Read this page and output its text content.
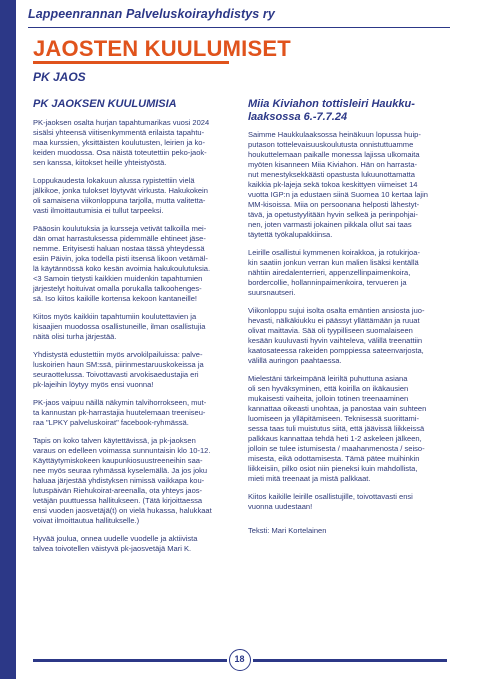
Lappeenrannan Palveluskoirayhdistys ry
JAOSTEN KUULUMISET
PK JAOS
PK JAOKSEN KUULUMISIA

PK-jaoksen osalta hurjan tapahtumarikas vuosi 2024
sisälsi yhteensä viitisenkymmentä erilaista tapahtu-
maa kurssien, yksittäisten koulutusten, leirien ja ko-
keiden muodossa. Osa näistä toteutettiin peko-jaok-
sen kanssa, kiitokset heille yhteistyöstä.

Loppukaudesta lokakuun alussa rypistettiin vielä
jälkikoe, jonka tulokset löytyvät virkusta. Hakukokein
oli samaisena viikonloppuna tarjolla, mutta valitetta-
vasti ilmoittautumisia ei tullut tarpeeksi.

Pääosin koulutuksia ja kursseja vetivät talkoilla mei-
dän omat harrastuksessa pidemmälle ehtineet jäse-
nemme. Erityisesti haluan nostaa tässä yhteydessä
esiin Päivin, joka todella pisti itsensä likoon vetämäl-
lä käytännössä koko kesän avoimia hakukoulutuksia.
<3 Samoin tietysti kaikkien muidenkin tapahtumien
järjestelyt hoituivat omalla porukalla talkoohenges-
sä. Iso kiitos kaikille kortensa kekoon kantaneille!

Kiitos myös kaikkiin tapahtumiin koulutettavien ja
kisaajien muodossa osallistuneille, ilman osallistujia
näitä olisi turha järjestää.

Yhdistystä edustettiin myös arvokilpailuissa: palve-
luskoirien haun SM:ssä, piirinmestaruuskokeissa ja
seuraottelussa. Toivottavasti arvokisaedustajia eri
pk-lajeihin löytyy myös ensi vuonna!

PK-jaos vaipuu näillä näkymin talvihorrokseen, mut-
ta kannustan pk-harrastajia huutelemaan treeniseu-
raa "LPKY palveluskoirat" facebook-ryhmässä.

Tapis on koko talven käytettävissä, ja pk-jaoksen
varaus on edelleen voimassa sunnuntaisin klo 10-12.
Käyttäytymiskokeen kaupunkiosuustreeneihin saa-
nee myös seuraa ryhmässä kyselemällä. Ja jos joku
haluaa järjestää yhdistyksen nimissä vaikkapa kou-
lutuspäivän Riehukoirat-areenalla, ota yhteys jaos-
vetäjän puuttuessa hallitukseen. (Tätä kirjoittaessa
ensi vuoden jaosvetäjä(t) on vielä hukassa, halukkaat
voivat ilmoittautua hallitukselle.)

Hyvää joulua, onnea uudelle vuodelle ja aktiivista
talvea toivotellen väistyvä pk-jaosvetäjä Mari K.

Miia Kiviahon tottisleiri Haukku-
laaksossa 6.-7.7.24

Saimme Haukkulaaksossa heinäkuun lopussa huip-
putason tottelevaisuuskoulutusta onnistuttuamme
houkuttelemaan paikalle monessa lajissa ulkomaita
myöten kisanneen Miia Kiviahon. Hän on harrasta-
nut menestyksekkäästi opastusta lukuunottamatta
kaikkia pk-lajeja sekä tokoa keskittyen viimeiset 14
vuotta IGP:n ja edustaen siinä Suomea 10 kertaa lajin
MM-kisoissa. Miia on persoonana helposti lähestyt-
tävä, ja opetustyylitään hyvin selkeä ja perinpohjai-
nen, joten varmasti jokainen pikkala ollut sai taas
täytettä työkalupakkiinsa.

Leirille osallistui kymmenen koirakkoa, ja rotukirjoa-
kin saatiin jonkun verran kun malien lisäksi kentällä
nähtiin airedalenterrieri, appenzellinpaimenkoira,
bordercollie, hollanninpaimenkoira, tervueren ja
suursnautseri.

Viikonloppu sujui isolta osalta emäntien ansiosta juo-
hevasti, nälkäkiukku ei päässyt yllättämään ja ruuat
olivat maittavia. Sää oli tyypilliseen suomalaiseen
kesään kuuluvasti hyvin vaihteleva, välillä treenattiin
kaatosateessa rakeiden pomppiessa sateenvarjosta,
välillä auringon paahtaessa.

Mielestäni tärkeimpänä leiriltä puhuttuna asiana
oli sen hyväksyminen, että koirilla on ikäkausien
mukaisesti vaiheita, jolloin totinen treenaaminen
kannattaa oikeasti unohtaa, ja panostaa vain suhteen
luomiseen ja ylläpitämiseen. Teknisessä suorittami-
sessa taas tuli muistutus siitä, että jäävissä liikkeissä
palkkaus kannattaa tehdä heti 1-2 askeleen jälkeen,
jolloin se tulee istumisesta / maahanmenosta / seiso-
misesta, eikä odottamisesta. Tämä pätee muihinkin
liikkeisiin, pilko osiot niin pieneksi kuin mahdollista,
mieti mitä treenaat ja mistä palkkaat.

Kiitos kaikille leirille osallistujille, toivottavasti ensi
vuonna uudestaan!

Teksti: Mari Kortelainen

18
